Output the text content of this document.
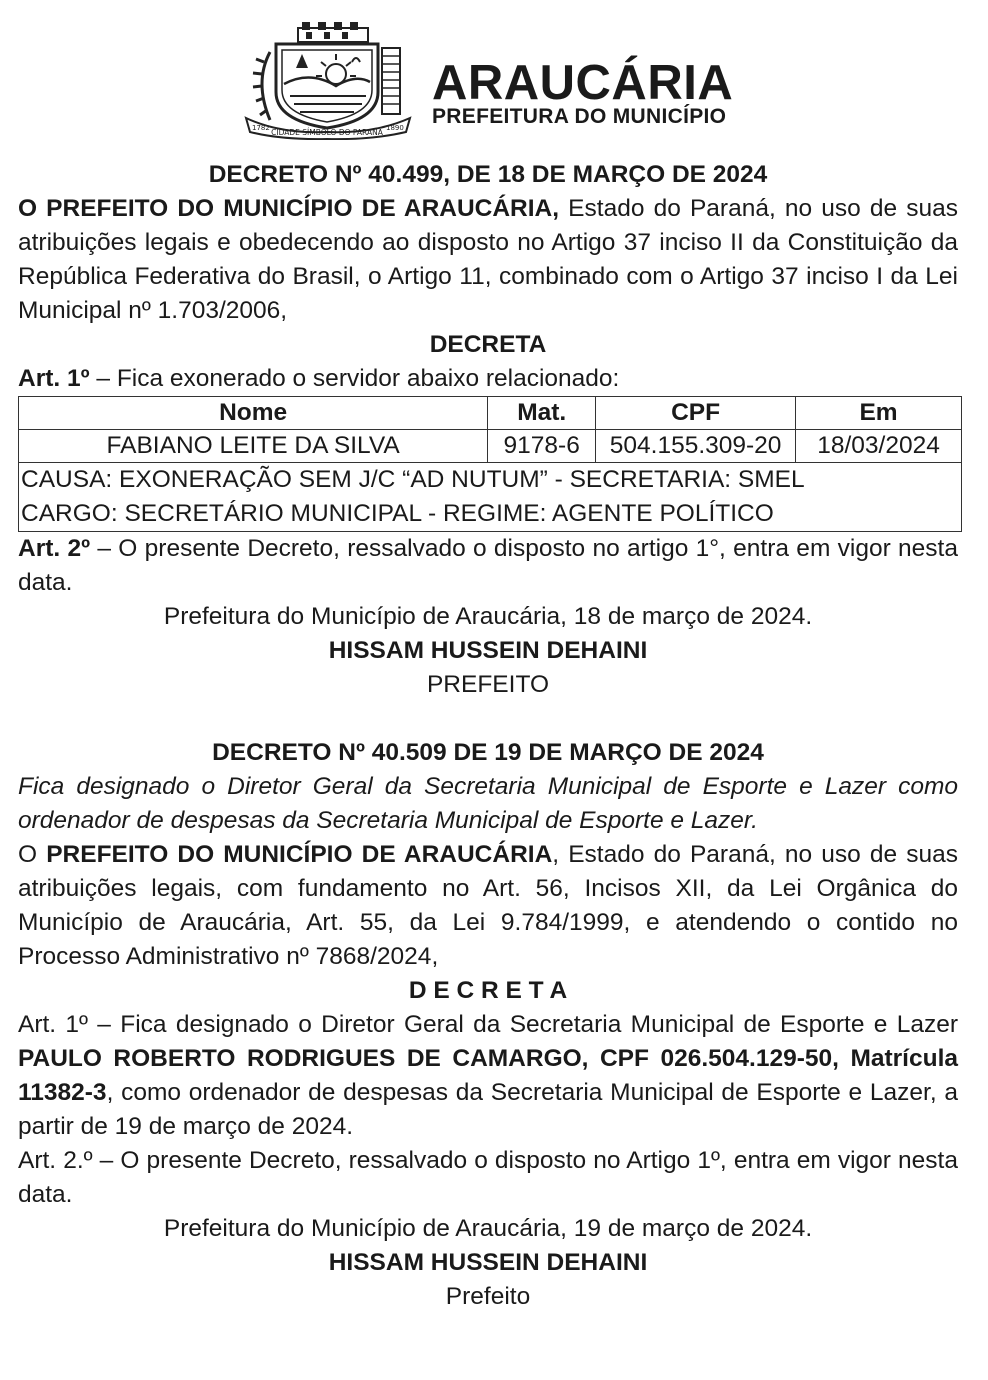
1782 CIDADE SÍMBOLO DO PARANÁ 1890
ARAUCÁRIA
PREFEITURA DO MUNICÍPIO

DECRETO Nº 40.499, DE 18 DE MARÇO DE 2024

O PREFEITO DO MUNICÍPIO DE ARAUCÁRIA, Estado do Paraná, no uso de suas atribuições legais e obedecendo ao disposto no Artigo 37 inciso II da Constituição da República Federativa do Brasil, o Artigo 11, combinado com o Artigo 37 inciso I da Lei Municipal nº 1.703/2006,

DECRETA

Art. 1º – Fica exonerado o servidor abaixo relacionado:

Nome	Mat.	CPF	Em
FABIANO LEITE DA SILVA	9178-6	504.155.309-20	18/03/2024

CAUSA: EXONERAÇÃO SEM J/C “AD NUTUM” - SECRETARIA: SMEL
CARGO: SECRETÁRIO MUNICIPAL - REGIME: AGENTE POLÍTICO			

Art. 2º – O presente Decreto, ressalvado o disposto no artigo 1°, entra em vigor nesta data.

Prefeitura do Município de Araucária, 18 de março de 2024.

HISSAM HUSSEIN DEHAINI

PREFEITO

DECRETO Nº 40.509 DE 19 DE MARÇO DE 2024

Fica designado o Diretor Geral da Secretaria Municipal de Esporte e Lazer como ordenador de despesas da Secretaria Municipal de Esporte e Lazer.

O PREFEITO DO MUNICÍPIO DE ARAUCÁRIA, Estado do Paraná, no uso de suas atribuições legais, com fundamento no Art. 56, Incisos XII, da Lei Orgânica do Município de Araucária, Art. 55, da Lei 9.784/1999, e atendendo o contido no Processo Administrativo nº 7868/2024,

D E C R E T A

Art. 1º – Fica designado o Diretor Geral da Secretaria Municipal de Esporte e Lazer PAULO ROBERTO RODRIGUES DE CAMARGO, CPF 026.504.129-50, Matrícula 11382-3, como ordenador de despesas da Secretaria Municipal de Esporte e Lazer, a partir de 19 de março de 2024.

Art. 2.º – O presente Decreto, ressalvado o disposto no Artigo 1º, entra em vigor nesta data.

Prefeitura do Município de Araucária, 19 de março de 2024.

HISSAM HUSSEIN DEHAINI

Prefeito
